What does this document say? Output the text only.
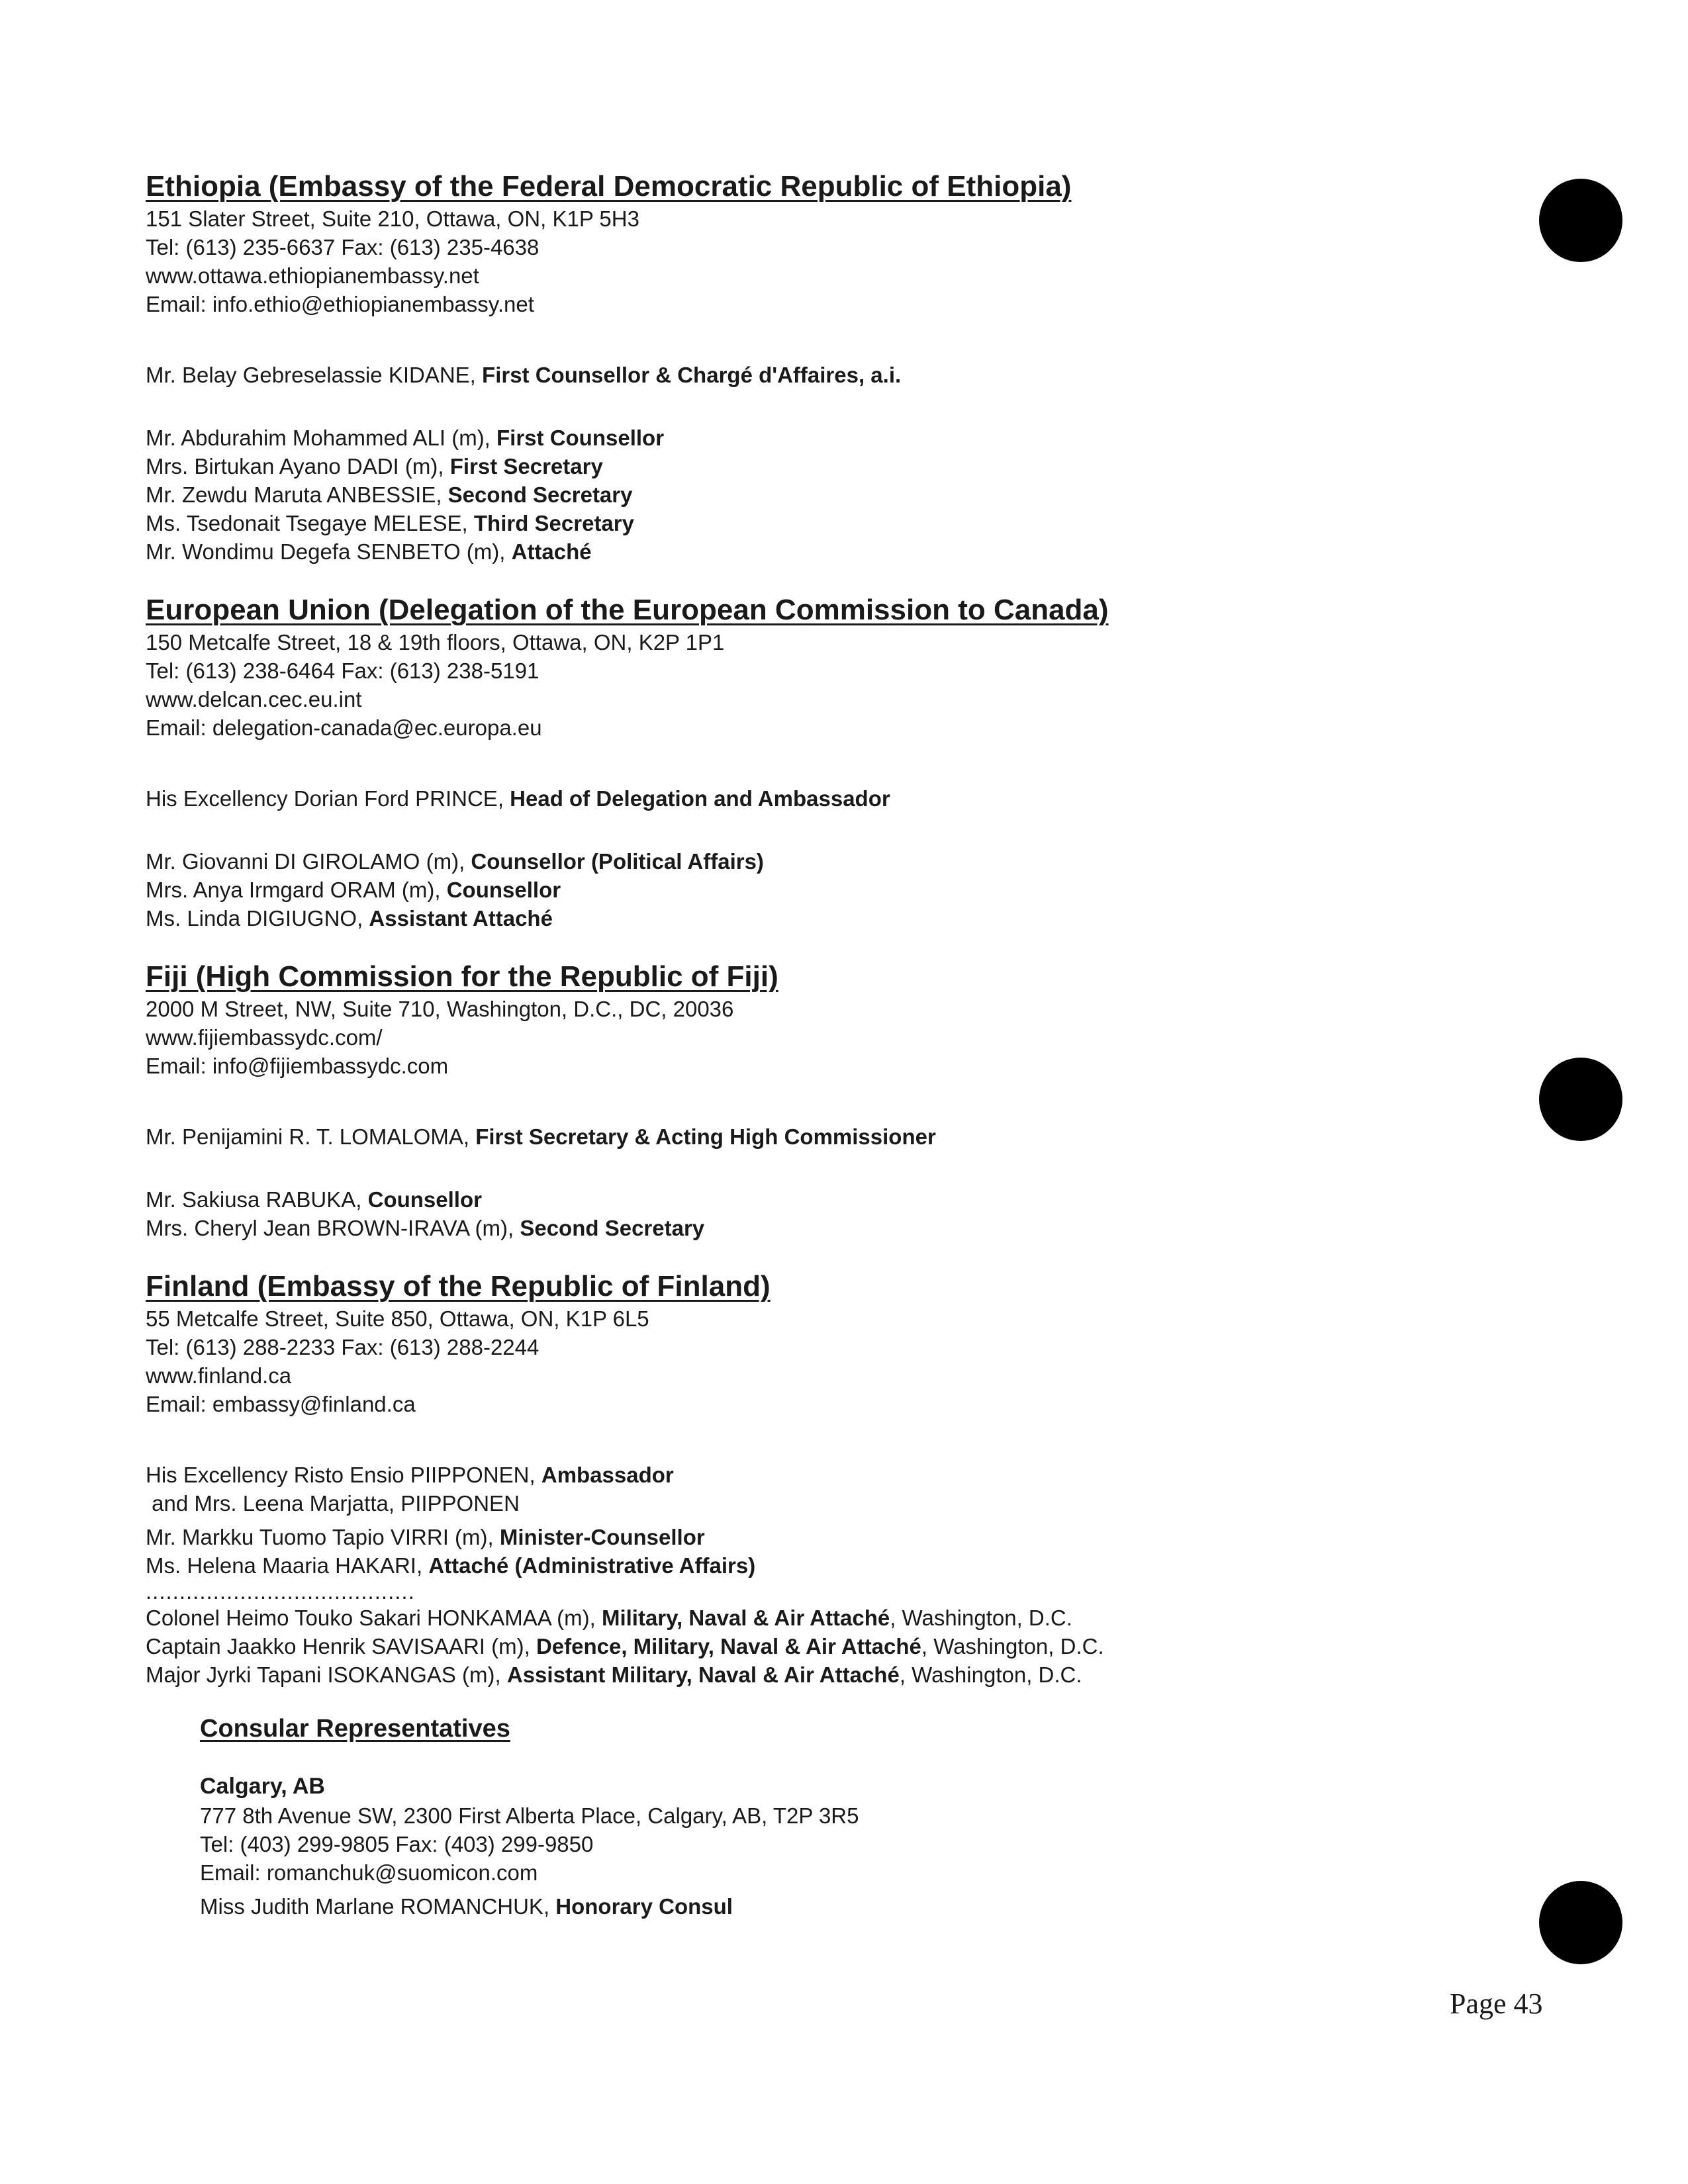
Ethiopia (Embassy of the Federal Democratic Republic of Ethiopia)

151 Slater Street, Suite 210, Ottawa, ON, K1P 5H3

Tel: (613) 235-6637 Fax: (613) 235-4638

www.ottawa.ethiopianembassy.net

Email: info.ethio@ethiopianembassy.net

Mr. Belay Gebreselassie KIDANE, First Counsellor & Chargé d'Affaires, a.i.

Mr. Abdurahim Mohammed ALI (m), First Counsellor

Mrs. Birtukan Ayano DADI (m), First Secretary

Mr. Zewdu Maruta ANBESSIE, Second Secretary

Ms. Tsedonait Tsegaye MELESE, Third Secretary

Mr. Wondimu Degefa SENBETO (m), Attaché

European Union (Delegation of the European Commission to Canada)

150 Metcalfe Street, 18 & 19th floors, Ottawa, ON, K2P 1P1

Tel: (613) 238-6464 Fax: (613) 238-5191

www.delcan.cec.eu.int

Email: delegation-canada@ec.europa.eu

His Excellency Dorian Ford PRINCE, Head of Delegation and Ambassador

Mr. Giovanni DI GIROLAMO (m), Counsellor (Political Affairs)

Mrs. Anya Irmgard ORAM (m), Counsellor

Ms. Linda DIGIUGNO, Assistant Attaché

Fiji (High Commission for the Republic of Fiji)

2000 M Street, NW, Suite 710, Washington, D.C., DC, 20036

www.fijiembassydc.com/

Email: info@fijiembassydc.com

Mr. Penijamini R. T. LOMALOMA, First Secretary & Acting High Commissioner

Mr. Sakiusa RABUKA, Counsellor

Mrs. Cheryl Jean BROWN-IRAVA (m), Second Secretary

Finland (Embassy of the Republic of Finland)

55 Metcalfe Street, Suite 850, Ottawa, ON, K1P 6L5

Tel: (613) 288-2233 Fax: (613) 288-2244

www.finland.ca

Email: embassy@finland.ca

His Excellency Risto Ensio PIIPPONEN, Ambassador

and Mrs. Leena Marjatta, PIIPPONEN

Mr. Markku Tuomo Tapio VIRRI (m), Minister-Counsellor

Ms. Helena Maaria HAKARI, Attaché (Administrative Affairs)

........................................

Colonel Heimo Touko Sakari HONKAMAA (m), Military, Naval & Air Attaché, Washington, D.C.

Captain Jaakko Henrik SAVISAARI (m), Defence, Military, Naval & Air Attaché, Washington, D.C.

Major Jyrki Tapani ISOKANGAS (m), Assistant Military, Naval & Air Attaché, Washington, D.C.

Consular Representatives

Calgary, AB

777 8th Avenue SW, 2300 First Alberta Place, Calgary, AB, T2P 3R5

Tel: (403) 299-9805 Fax: (403) 299-9850

Email: romanchuk@suomicon.com

Miss Judith Marlane ROMANCHUK, Honorary Consul

Page 43
